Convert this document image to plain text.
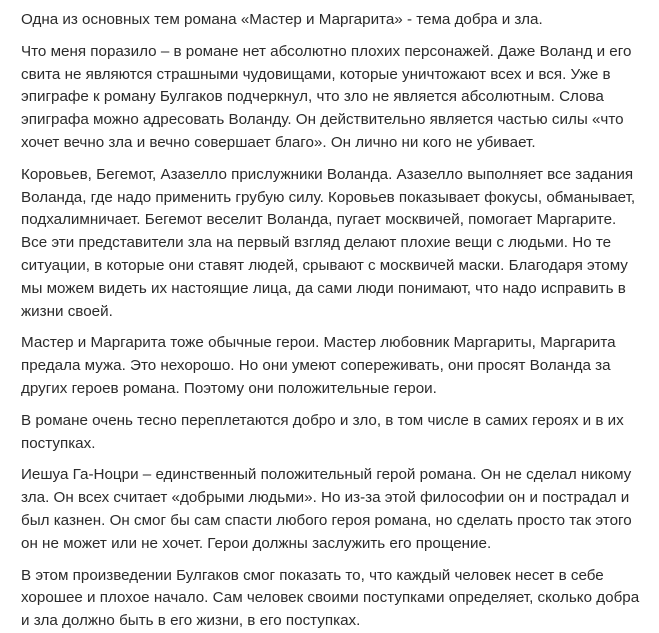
Одна из основных тем романа «Мастер и Маргарита» - тема добра и зла.

Что меня поразило – в романе нет абсолютно плохих персонажей. Даже Воланд и его свита не являются страшными чудовищами, которые уничтожают всех и вся. Уже в эпиграфе к роману Булгаков подчеркнул, что зло не является абсолютным. Слова эпиграфа можно адресовать Воланду. Он действительно является частью силы «что хочет вечно зла и вечно совершает благо». Он лично ни кого не убивает.

Коровьев, Бегемот, Азазелло прислужники Воланда. Азазелло выполняет все задания Воланда, где надо применить грубую силу. Коровьев показывает фокусы, обманывает, подхалимничает. Бегемот веселит Воланда, пугает москвичей, помогает Маргарите. Все эти представители зла на первый взгляд делают плохие вещи с людьми. Но те ситуации, в которые они ставят людей, срывают с москвичей маски. Благодаря этому мы можем видеть их настоящие лица, да сами люди понимают, что надо исправить в жизни своей.

Мастер и Маргарита тоже обычные герои. Мастер любовник Маргариты, Маргарита предала мужа. Это нехорошо. Но они умеют сопереживать, они просят Воланда за других героев романа. Поэтому они положительные герои.

В романе очень тесно переплетаются добро и зло, в том числе в самих героях и в их поступках.

Иешуа Га-Ноцри – единственный положительный герой романа. Он не сделал никому зла. Он всех считает «добрыми людьми». Но из-за этой философии он и пострадал и был казнен. Он смог бы сам спасти любого героя романа, но сделать просто так этого он не может или не хочет. Герои должны заслужить его прощение.

В этом произведении Булгаков смог показать то, что каждый человек несет в себе хорошее и плохое начало. Сам человек своими поступками определяет, сколько добра и зла должно быть в его жизни, в его поступках.
